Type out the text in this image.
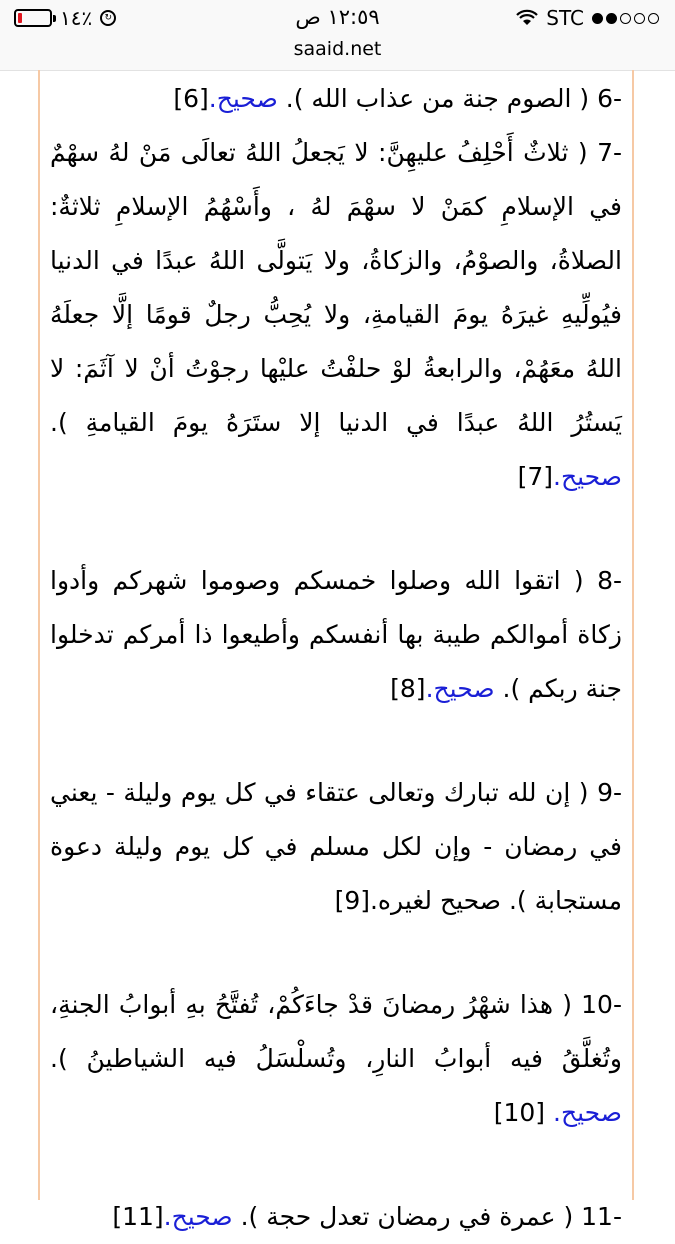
١٤٪	↻	١٢:٥٩ ص	STC
saaid.net

6- ( الصوم جنة من عذاب الله ). صحيح.[6]

7- ( ثلاثٌ أَحْلِفُ عليهِنَّ: لا يَجعلُ اللهُ تعالَى مَنْ لهُ سهْمٌ في الإسلامِ كمَنْ لا سهْمَ لهُ ، وأَسْهُمُ الإسلامِ ثلاثةٌ: الصلاةُ، والصوْمُ، والزكاةُ، ولا يَتولَّى اللهُ عبدًا في الدنيا فيُولِّيهِ غيرَهُ يومَ القيامةِ، ولا يُحِبُّ رجلٌ قومًا إلَّا جعلَهُ اللهُ معَهُمْ، والرابعةُ لوْ حلفْتُ عليْها رجوْتُ أنْ لا آثَمَ: لا يَستُرُ اللهُ عبدًا في الدنيا إلا ستَرَهُ يومَ القيامةِ ). صحيح.[7]

8- ( اتقوا الله وصلوا خمسكم وصوموا شهركم وأدوا زكاة أموالكم طيبة بها أنفسكم وأطيعوا ذا أمركم تدخلوا جنة ربكم ). صحيح.[8]

9- ( إن لله تبارك وتعالى عتقاء في كل يوم وليلة - يعني في رمضان - وإن لكل مسلم في كل يوم وليلة دعوة مستجابة ). صحيح لغيره.[9]

10- ( هذا شهْرُ رمضانَ قدْ جاءَكُمْ، تُفتَّحُ بهِ أبوابُ الجنةِ، وتُغلَّقُ فيه أبوابُ النارِ، وتُسلْسَلُ فيه الشياطينُ ). صحيح. [10]

11- ( عمرة في رمضان تعدل حجة ). صحيح.[11]
